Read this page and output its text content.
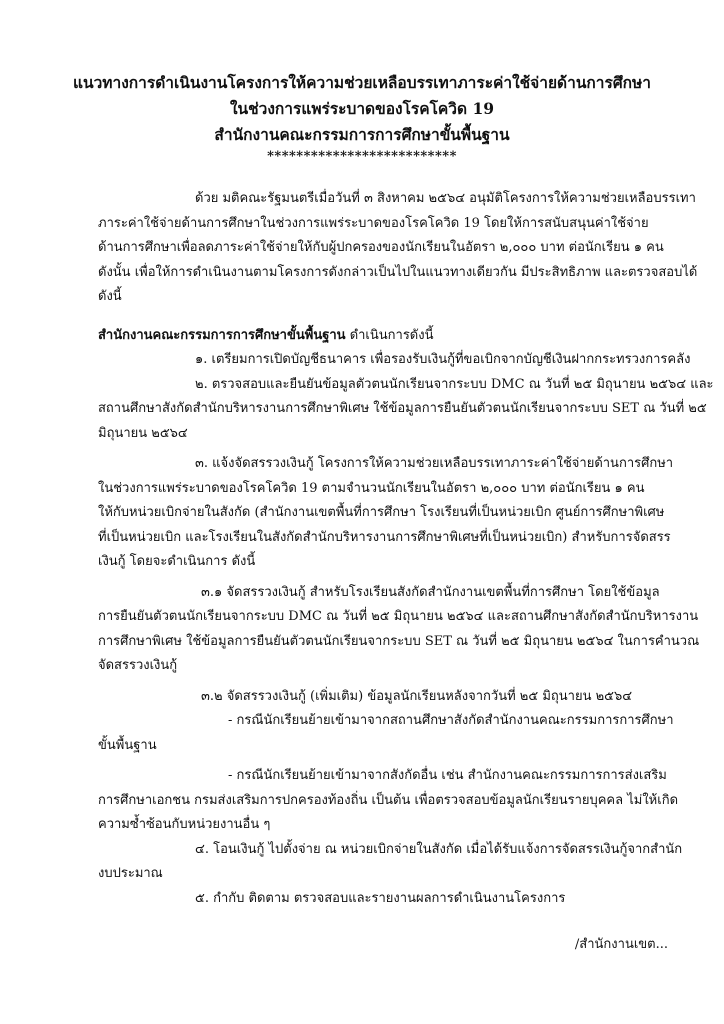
แนวทางการดำเนินงานโครงการให้ความช่วยเหลือบรรเทาภาระค่าใช้จ่ายด้านการศึกษา
ในช่วงการแพร่ระบาดของโรคโควิด 19
สำนักงานคณะกรรมการการศึกษาขั้นพื้นฐาน
**************************
ด้วย มติคณะรัฐมนตรีเมื่อวันที่ ๓ สิงหาคม ๒๕๖๔ อนุมัติโครงการให้ความช่วยเหลือบรรเทา
ภาระค่าใช้จ่ายด้านการศึกษาในช่วงการแพร่ระบาดของโรคโควิด 19 โดยให้การสนับสนุนค่าใช้จ่าย
ด้านการศึกษาเพื่อลดภาระค่าใช้จ่ายให้กับผู้ปกครองของนักเรียนในอัตรา ๒,๐๐๐ บาท ต่อนักเรียน ๑ คน
ดังนั้น เพื่อให้การดำเนินงานตามโครงการดังกล่าวเป็นไปในแนวทางเดียวกัน มีประสิทธิภาพ และตรวจสอบได้
ดังนี้
สำนักงานคณะกรรมการการศึกษาขั้นพื้นฐาน ดำเนินการดังนี้
๑. เตรียมการเปิดบัญชีธนาคาร เพื่อรองรับเงินกู้ที่ขอเบิกจากบัญชีเงินฝากกระทรวงการคลัง
๒. ตรวจสอบและยืนยันข้อมูลตัวตนนักเรียนจากระบบ DMC ณ วันที่ ๒๕ มิถุนายน ๒๕๖๔ และ
สถานศึกษาสังกัดสำนักบริหารงานการศึกษาพิเศษ ใช้ข้อมูลการยืนยันตัวตนนักเรียนจากระบบ SET ณ วันที่ ๒๕
มิถุนายน ๒๕๖๔
๓. แจ้งจัดสรรวงเงินกู้ โครงการให้ความช่วยเหลือบรรเทาภาระค่าใช้จ่ายด้านการศึกษา
ในช่วงการแพร่ระบาดของโรคโควิด 19 ตามจำนวนนักเรียนในอัตรา ๒,๐๐๐ บาท ต่อนักเรียน ๑ คน
ให้กับหน่วยเบิกจ่ายในสังกัด (สำนักงานเขตพื้นที่การศึกษา โรงเรียนที่เป็นหน่วยเบิก ศูนย์การศึกษาพิเศษ
ที่เป็นหน่วยเบิก และโรงเรียนในสังกัดสำนักบริหารงานการศึกษาพิเศษที่เป็นหน่วยเบิก) สำหรับการจัดสรร
เงินกู้ โดยจะดำเนินการ ดังนี้
๓.๑ จัดสรรวงเงินกู้ สำหรับโรงเรียนสังกัดสำนักงานเขตพื้นที่การศึกษา โดยใช้ข้อมูล
การยืนยันตัวตนนักเรียนจากระบบ DMC ณ วันที่ ๒๕ มิถุนายน ๒๕๖๔ และสถานศึกษาสังกัดสำนักบริหารงาน
การศึกษาพิเศษ ใช้ข้อมูลการยืนยันตัวตนนักเรียนจากระบบ SET ณ วันที่ ๒๕ มิถุนายน ๒๕๖๔ ในการคำนวณ
จัดสรรวงเงินกู้
๓.๒ จัดสรรวงเงินกู้ (เพิ่มเติม) ข้อมูลนักเรียนหลังจากวันที่ ๒๕ มิถุนายน ๒๕๖๔
- กรณีนักเรียนย้ายเข้ามาจากสถานศึกษาสังกัดสำนักงานคณะกรรมการการศึกษา
ขั้นพื้นฐาน
- กรณีนักเรียนย้ายเข้ามาจากสังกัดอื่น เช่น สำนักงานคณะกรรมการการส่งเสริม
การศึกษาเอกชน กรมส่งเสริมการปกครองท้องถิ่น เป็นต้น เพื่อตรวจสอบข้อมูลนักเรียนรายบุคคล ไม่ให้เกิด
ความซ้ำซ้อนกับหน่วยงานอื่น ๆ
๔. โอนเงินกู้ ไปตั้งจ่าย ณ หน่วยเบิกจ่ายในสังกัด เมื่อได้รับแจ้งการจัดสรรเงินกู้จากสำนัก
งบประมาณ
๕. กำกับ ติดตาม ตรวจสอบและรายงานผลการดำเนินงานโครงการ
/สำนักงานเขต...
